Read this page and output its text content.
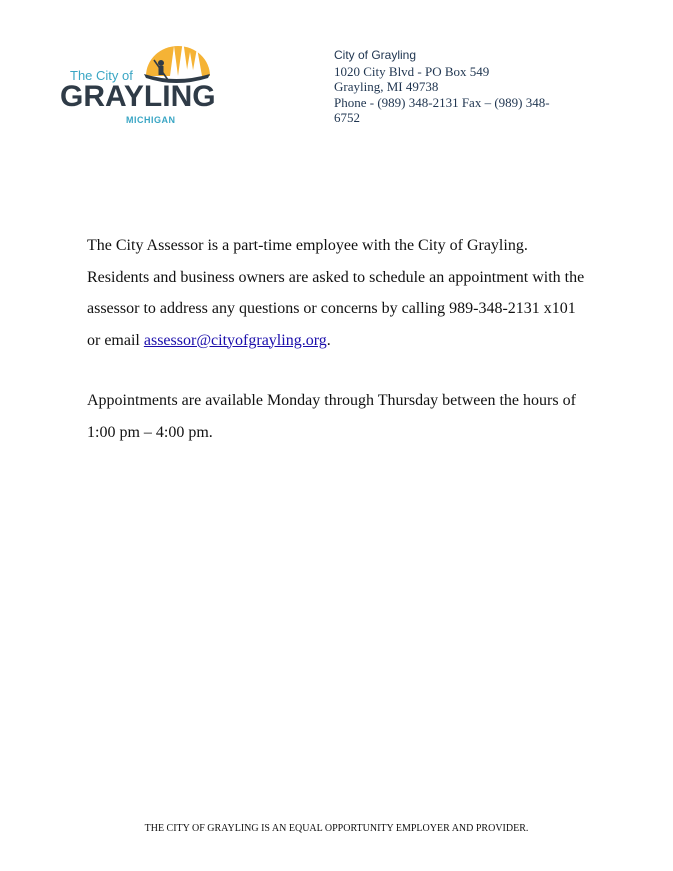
The City of
GRAYLING
MICHIGAN
City of Grayling
1020 City Blvd - PO Box 549
Grayling, MI 49738
Phone - (989) 348-2131 Fax – (989) 348-
6752

The City Assessor is a part-time employee with the City of Grayling. Residents and business owners are asked to schedule an appointment with the assessor to address any questions or concerns by calling 989-348-2131 x101 or email assessor@cityofgrayling.org.

Appointments are available Monday through Thursday between the hours of 1:00 pm – 4:00 pm.

THE CITY OF GRAYLING IS AN EQUAL OPPORTUNITY EMPLOYER AND PROVIDER.
